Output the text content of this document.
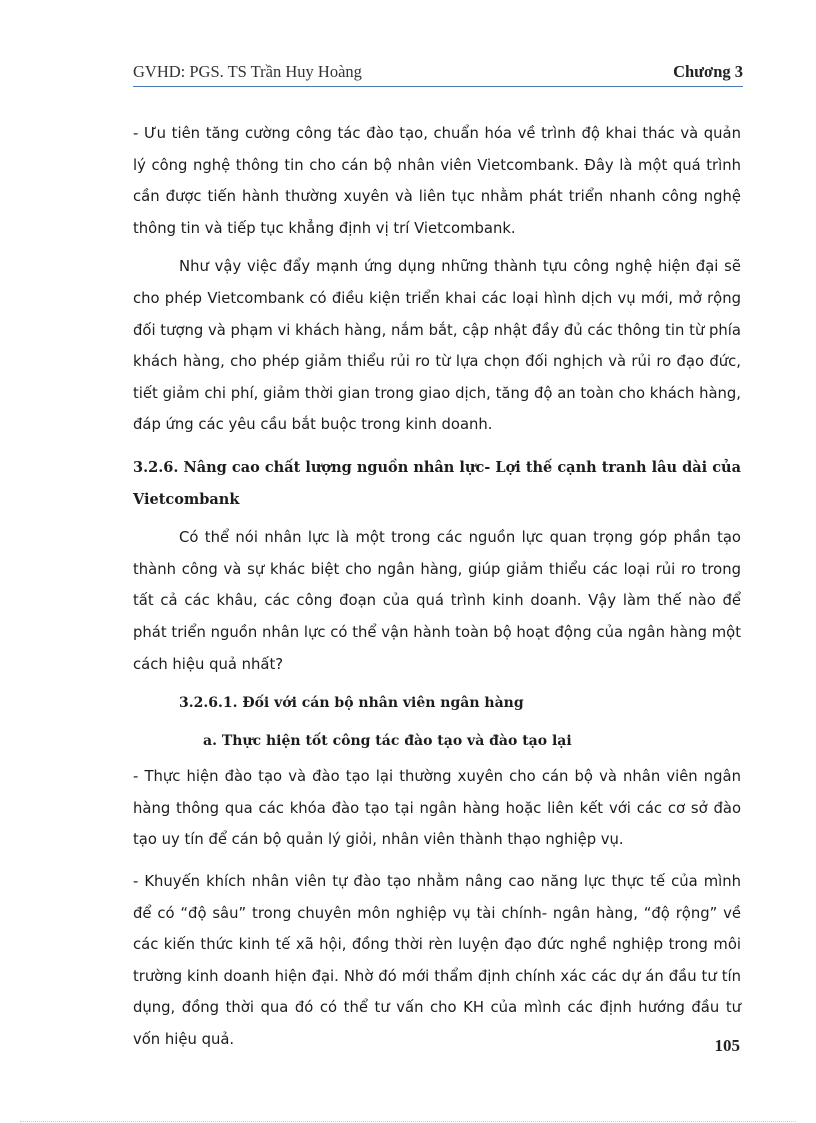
GVHD: PGS. TS Trần Huy Hoàng	Chương 3

- Ưu tiên tăng cường công tác đào tạo, chuẩn hóa về trình độ khai thác và quản lý công nghệ thông tin cho cán bộ nhân viên Vietcombank. Đây là một quá trình cần được tiến hành thường xuyên và liên tục nhằm phát triển nhanh công nghệ thông tin và tiếp tục khẳng định vị trí Vietcombank.

Như vậy việc đẩy mạnh ứng dụng những thành tựu công nghệ hiện đại sẽ cho phép Vietcombank có điều kiện triển khai các loại hình dịch vụ mới, mở rộng đối tượng và phạm vi khách hàng, nắm bắt, cập nhật đầy đủ các thông tin từ phía khách hàng, cho phép giảm thiểu rủi ro từ lựa chọn đối nghịch và rủi ro đạo đức, tiết giảm chi phí, giảm thời gian trong giao dịch, tăng độ an toàn cho khách hàng, đáp ứng các yêu cầu bắt buộc trong kinh doanh.

3.2.6. Nâng cao chất lượng nguồn nhân lực- Lợi thế cạnh tranh lâu dài của Vietcombank

Có thể nói nhân lực là một trong các nguồn lực quan trọng góp phần tạo thành công và sự khác biệt cho ngân hàng, giúp giảm thiểu các loại rủi ro trong tất cả các khâu, các công đoạn của quá trình kinh doanh. Vậy làm thế nào để phát triển nguồn nhân lực có thể vận hành toàn bộ hoạt động của ngân hàng một cách hiệu quả nhất?

3.2.6.1. Đối với cán bộ nhân viên ngân hàng

a. Thực hiện tốt công tác đào tạo và đào tạo lại

- Thực hiện đào tạo và đào tạo lại thường xuyên cho cán bộ và nhân viên ngân hàng thông qua các khóa đào tạo tại ngân hàng hoặc liên kết với các cơ sở đào tạo uy tín để cán bộ quản lý giỏi, nhân viên thành thạo nghiệp vụ.

- Khuyến khích nhân viên tự đào tạo nhằm nâng cao năng lực thực tế của mình để có “độ sâu” trong chuyên môn nghiệp vụ tài chính- ngân hàng, “độ rộng” về các kiến thức kinh tế xã hội, đồng thời rèn luyện đạo đức nghề nghiệp trong môi trường kinh doanh hiện đại. Nhờ đó mới thẩm định chính xác các dự án đầu tư tín dụng, đồng thời qua đó có thể tư vấn cho KH của mình các định hướng đầu tư vốn hiệu quả.	105
